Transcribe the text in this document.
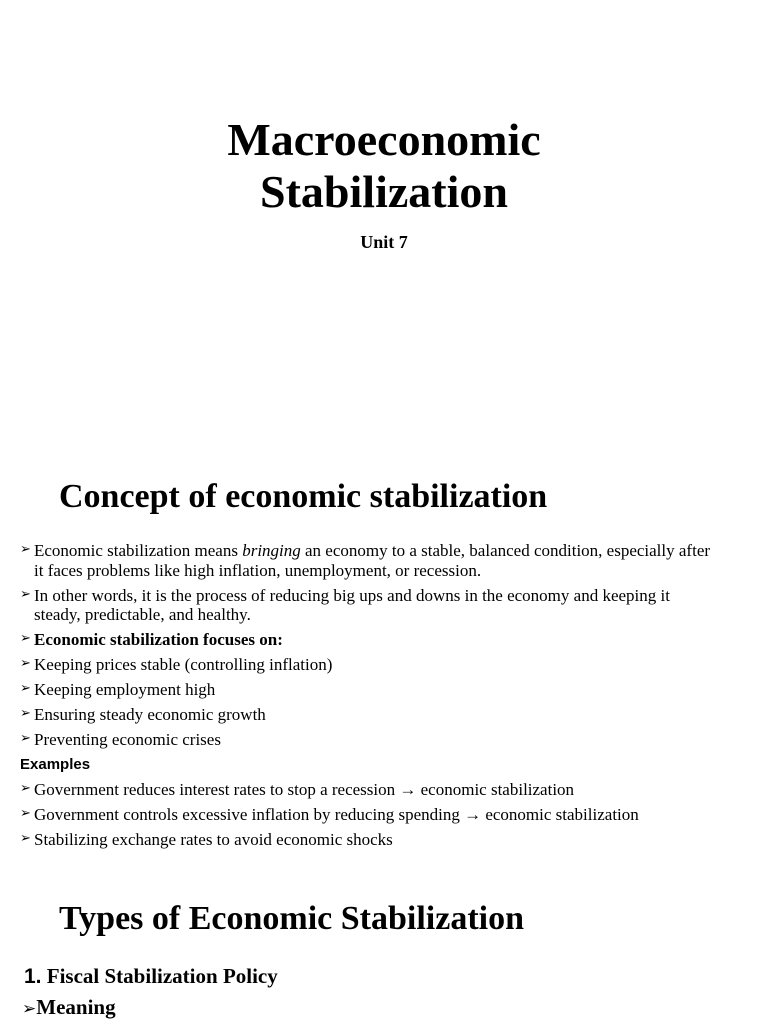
Macroeconomic
Stabilization
Unit 7
Concept of economic stabilization
➢ Economic stabilization means bringing an economy to a stable, balanced condition, especially after it faces problems like high inflation, unemployment, or recession.
➢ In other words, it is the process of reducing big ups and downs in the economy and keeping it steady, predictable, and healthy.
➢ Economic stabilization focuses on:
➢ Keeping prices stable (controlling inflation)
➢ Keeping employment high
➢ Ensuring steady economic growth
➢ Preventing economic crises
Examples
➢ Government reduces interest rates to stop a recession → economic stabilization
➢ Government controls excessive inflation by reducing spending → economic stabilization
➢ Stabilizing exchange rates to avoid economic shocks
Types of Economic Stabilization
1. Fiscal Stabilization Policy
➢Meaning
